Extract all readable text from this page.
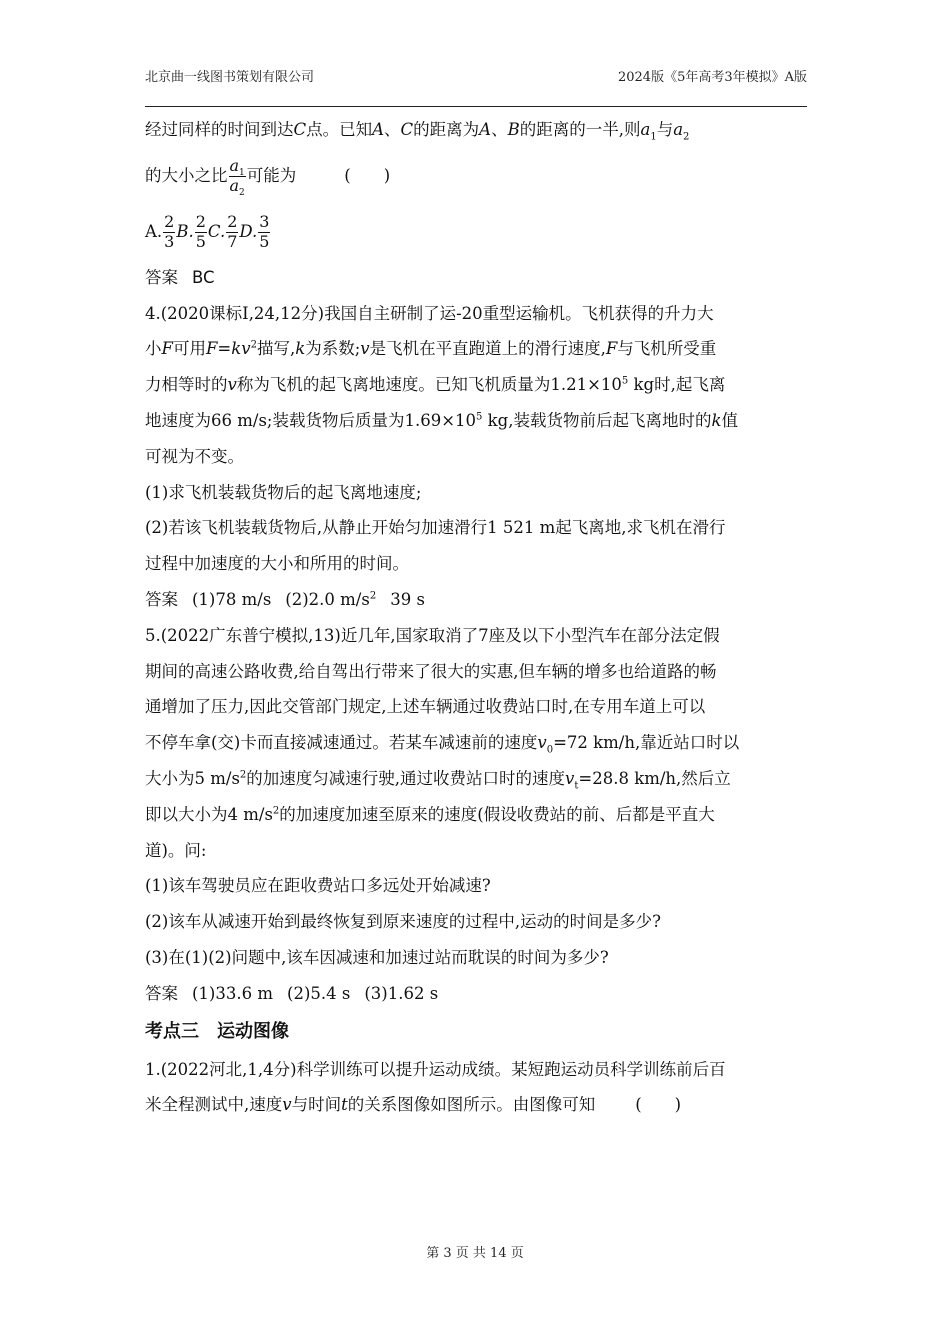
北京曲一线图书策划有限公司	2024版《5年高考3年模拟》A版

经过同样的时间到达C点。已知A、C的距离为A、B的距离的一半,则$a_1$与$a_2$

的大小之比 $\frac{a_1}{a_2}$ 可能为	(　　)

A. $\frac{2}{3} B$. $\frac{2}{5} C$. $\frac{2}{7} D$. $\frac{3}{5}$

答案 BC

4.(2020课标Ⅰ,24,12分)我国自主研制了运-20重型运输机。飞机获得的升力大

小F可用$F=kv^2$描写,k为系数;v是飞机在平直跑道上的滑行速度,F与飞机所受重

力相等时的v称为飞机的起飞离地速度。已知飞机质量为$1.21\times 10^5$ kg时,起飞离

地速度为66 m/s;装载货物后质量为$1.69\times 10^5$ kg,装载货物前后起飞离地时的k值

可视为不变。

(1)求飞机装载货物后的起飞离地速度;

(2)若该飞机装载货物后,从静止开始匀加速滑行1 521 m起飞离地,求飞机在滑行

过程中加速度的大小和所用的时间。

答案 (1)78 m/s (2)2.0 $m/s^2$ 39 s

5.(2022广东普宁模拟,13)近几年,国家取消了7座及以下小型汽车在部分法定假

期间的高速公路收费,给自驾出行带来了很大的实惠,但车辆的增多也给道路的畅

通增加了压力,因此交管部门规定,上述车辆通过收费站口时,在专用车道上可以

不停车拿(交)卡而直接减速通过。若某车减速前的速度$v_0=72$ km/h,靠近站口时以

大小为5 $m/s^2$的加速度匀减速行驶,通过收费站口时的速度$v_t=28.8$ km/h,然后立

即以大小为4 $m/s^2$的加速度加速至原来的速度(假设收费站的前、后都是平直大

道)。问:

(1)该车驾驶员应在距收费站口多远处开始减速?

(2)该车从减速开始到最终恢复到原来速度的过程中,运动的时间是多少?

(3)在(1)(2)问题中,该车因减速和加速过站而耽误的时间为多少?

答案 (1)33.6 m (2)5.4 s (3)1.62 s

考点三　运动图像

1.(2022河北,1,4分)科学训练可以提升运动成绩。某短跑运动员科学训练前后百

米全程测试中,速度v与时间t的关系图像如图所示。由图像可知 (　　)

第 3 页 共 14 页
